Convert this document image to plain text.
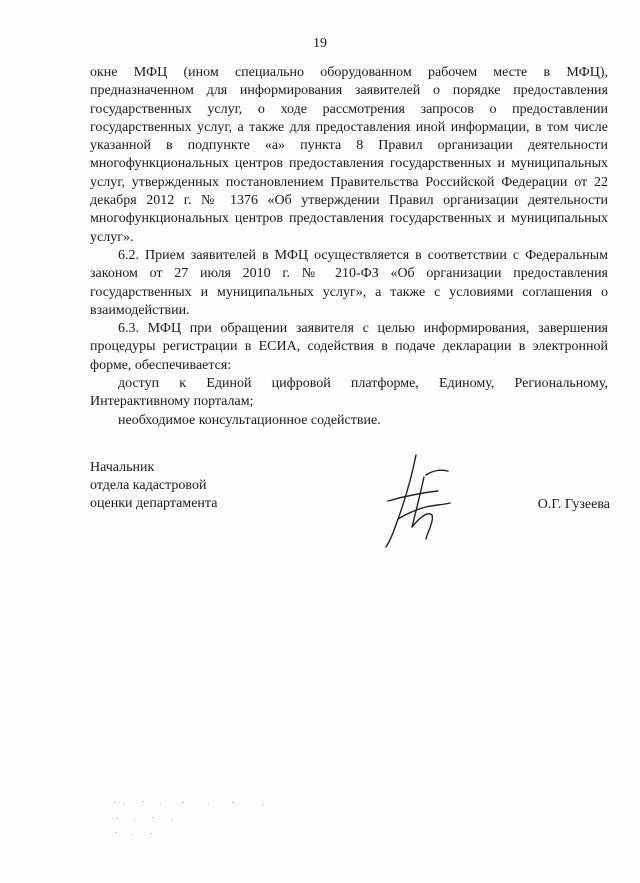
19

окне МФЦ (ином специально оборудованном рабочем месте в МФЦ), предназначенном для информирования заявителей о порядке предоставления государственных услуг, о ходе рассмотрения запросов о предоставлении государственных услуг, а также для предоставления иной информации, в том числе указанной в подпункте «а» пункта 8 Правил организации деятельности многофункциональных центров предоставления государственных и муниципальных услуг, утвержденных постановлением Правительства Российской Федерации от 22 декабря 2012 г. № 1376 «Об утверждении Правил организации деятельности многофункциональных центров предоставления государственных и муниципальных услуг».

6.2. Прием заявителей в МФЦ осуществляется в соответствии с Федеральным законом от 27 июля 2010 г. № 210-ФЗ «Об организации предоставления государственных и муниципальных услуг», а также с условиями соглашения о взаимодействии.

6.3. МФЦ при обращении заявителя с целью информирования, завершения процедуры регистрации в ЕСИА, содействия в подаче декларации в электронной форме, обеспечивается:

доступ к Единой цифровой платформе, Единому, Региональному, Интерактивному порталам;

необходимое консультационное содействие.

Начальник
отдела кадастровой
оценки департамента	О.Г. Гузеева
